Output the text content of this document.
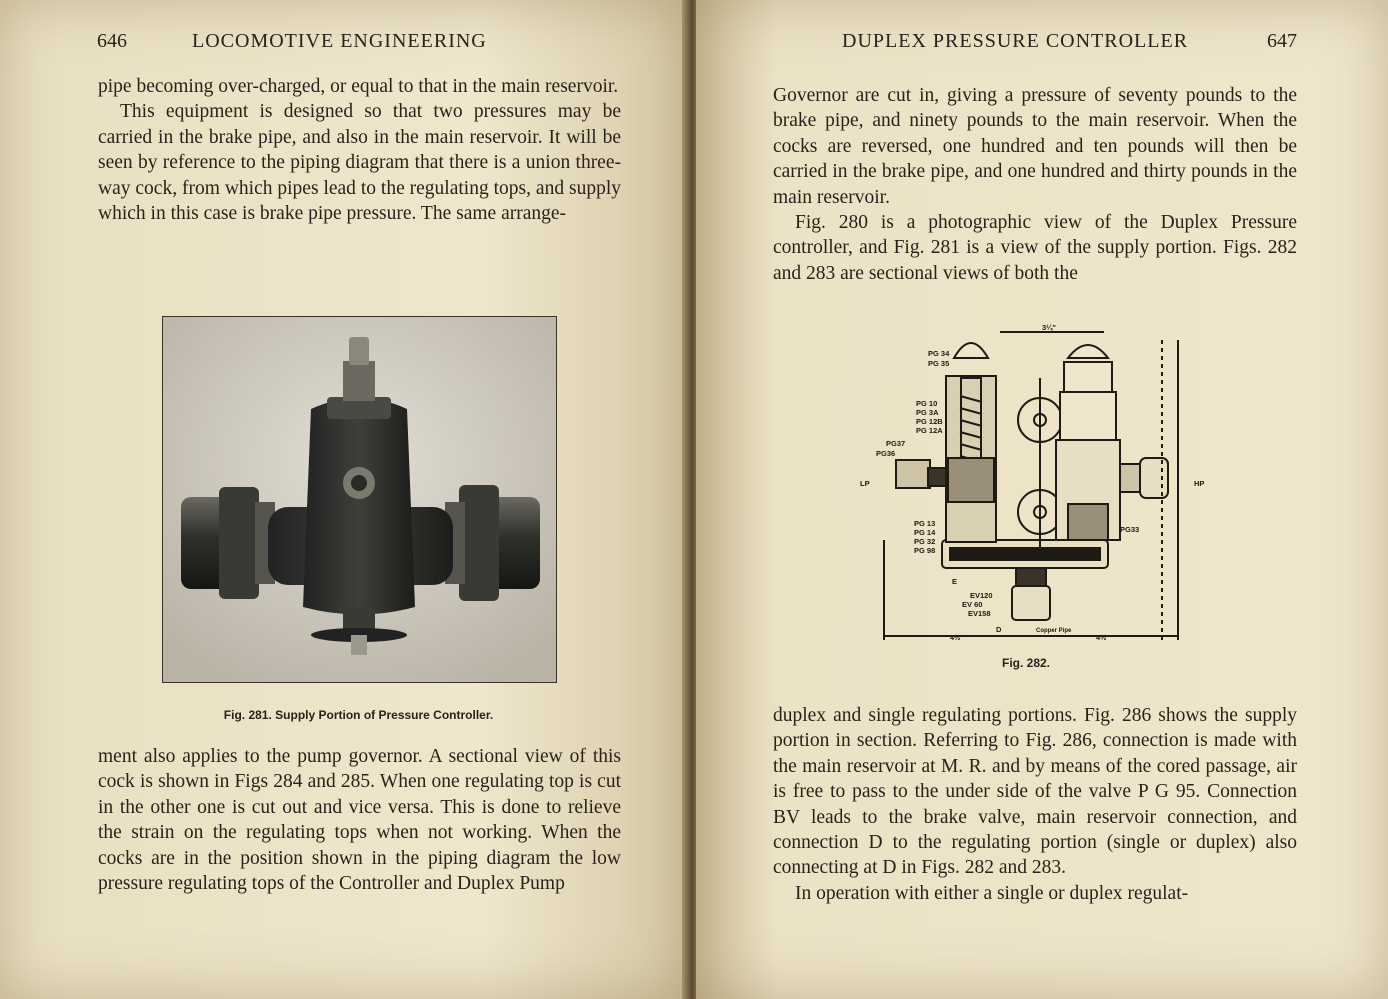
646	LOCOMOTIVE ENGINEERING

pipe becoming over-charged, or equal to that in the main reservoir.

This equipment is designed so that two pressures may be carried in the brake pipe, and also in the main reservoir. It will be seen by reference to the piping diagram that there is a union three-way cock, from which pipes lead to the regulating tops, and supply which in this case is brake pipe pressure. The same arrange-

Fig. 281. Supply Portion of Pressure Controller.

ment also applies to the pump governor. A sectional view of this cock is shown in Figs 284 and 285. When one regulating top is cut in the other one is cut out and vice versa. This is done to relieve the strain on the regulating tops when not working. When the cocks are in the position shown in the piping diagram the low pressure regulating tops of the Controller and Duplex Pump

DUPLEX PRESSURE CONTROLLER	647

Governor are cut in, giving a pressure of seventy pounds to the brake pipe, and ninety pounds to the main reservoir. When the cocks are reversed, one hundred and ten pounds will then be carried in the brake pipe, and one hundred and thirty pounds in the main reservoir.

Fig. 280 is a photographic view of the Duplex Pressure controller, and Fig. 281 is a view of the supply portion. Figs. 282 and 283 are sectional views of both the

PG 34
PG 35
PG 10
PG 3A
PG 12B
PG 12A
PG37
PG36
LP	HP
PG 13
PG 14
PG 32
PG 98
PG33
E
EV120
EV 60
EV158
D	Copper Pipe
3¼"
4½"	4½"
Fig. 282.

duplex and single regulating portions. Fig. 286 shows the supply portion in section. Referring to Fig. 286, connection is made with the main reservoir at M. R. and by means of the cored passage, air is free to pass to the under side of the valve P G 95. Connection BV leads to the brake valve, main reservoir connection, and connection D to the regulating portion (single or duplex) also connecting at D in Figs. 282 and 283.

In operation with either a single or duplex regulat-
